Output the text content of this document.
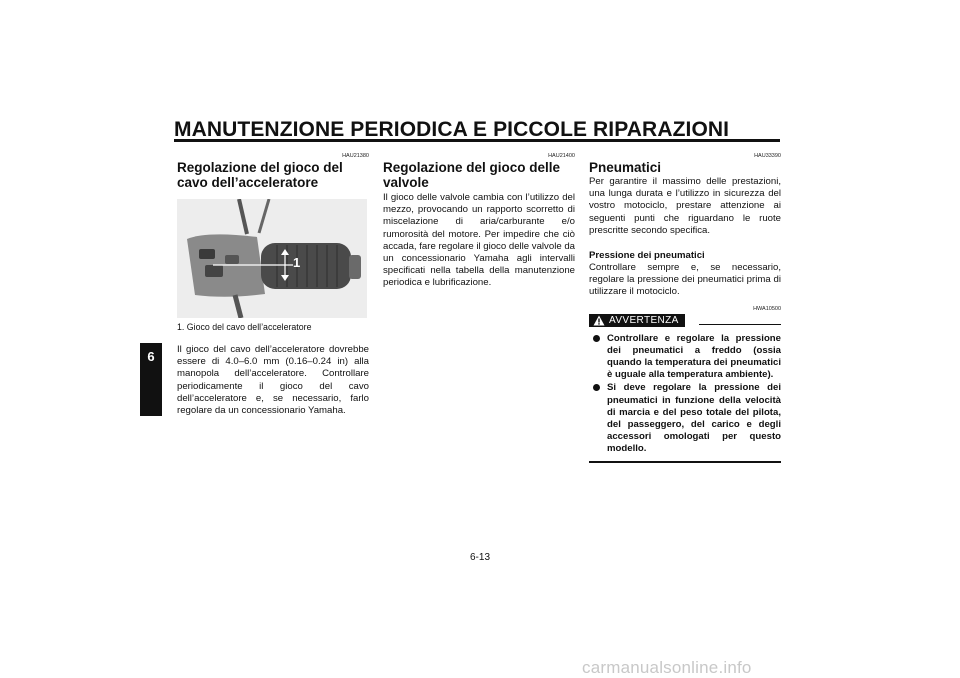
MANUTENZIONE PERIODICA E PICCOLE RIPARAZIONI
6
HAU21380
Regolazione del gioco del cavo dell’acceleratore
1
1. Gioco del cavo dell’acceleratore

Il gioco del cavo dell’acceleratore dovrebbe essere di 4.0–6.0 mm (0.16–0.24 in) alla manopola dell’acceleratore. Controllare periodicamente il gioco del cavo dell’acceleratore e, se necessario, farlo regolare da un concessionario Yamaha.

HAU21400
Regolazione del gioco delle valvole

Il gioco delle valvole cambia con l’utilizzo del mezzo, provocando un rapporto scorretto di miscelazione di aria/carburante e/o rumorosità del motore. Per impedire che ciò accada, fare regolare il gioco delle valvole da un concessionario Yamaha agli intervalli specificati nella tabella della manutenzione periodica e lubrificazione.

HAU33390
Pneumatici

Per garantire il massimo delle prestazioni, una lunga durata e l’utilizzo in sicurezza del vostro motociclo, prestare attenzione ai seguenti punti che riguardano le ruote prescritte secondo specifica.

Pressione dei pneumatici

Controllare sempre e, se necessario, regolare la pressione dei pneumatici prima di utilizzare il motociclo.

HWA10500
AVVERTENZA
Controllare e regolare la pressione dei pneumatici a freddo (ossia quando la temperatura dei pneumatici è uguale alla temperatura ambiente).
Si deve regolare la pressione dei pneumatici in funzione della velocità di marcia e del peso totale del pilota, del passeggero, del carico e degli accessori omologati per questo modello.
6-13
carmanualsonline.info
